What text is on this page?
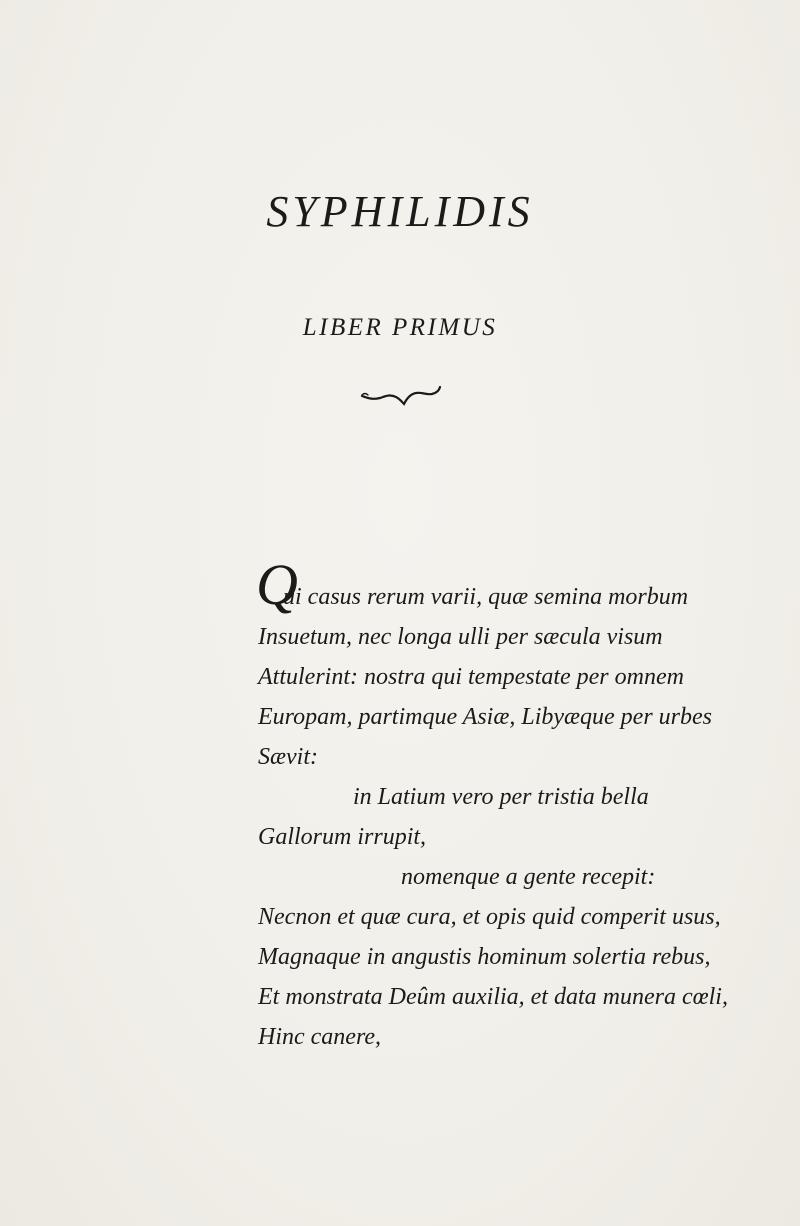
SYPHILIDIS
LIBER PRIMUS
Q
ui casus rerum varii, quæ semina morbum
Insuetum, nec longa ulli per sæcula visum
Attulerint: nostra qui tempestate per omnem
Europam, partimque Asiæ, Libyæque per urbes
Sævit:
in Latium vero per tristia bella
Gallorum irrupit,
nomenque a gente recepit:
Necnon et quæ cura, et opis quid comperit usus,
Magnaque in angustis hominum solertia rebus,
Et monstrata Deûm auxilia, et data munera cœli,
Hinc canere,
